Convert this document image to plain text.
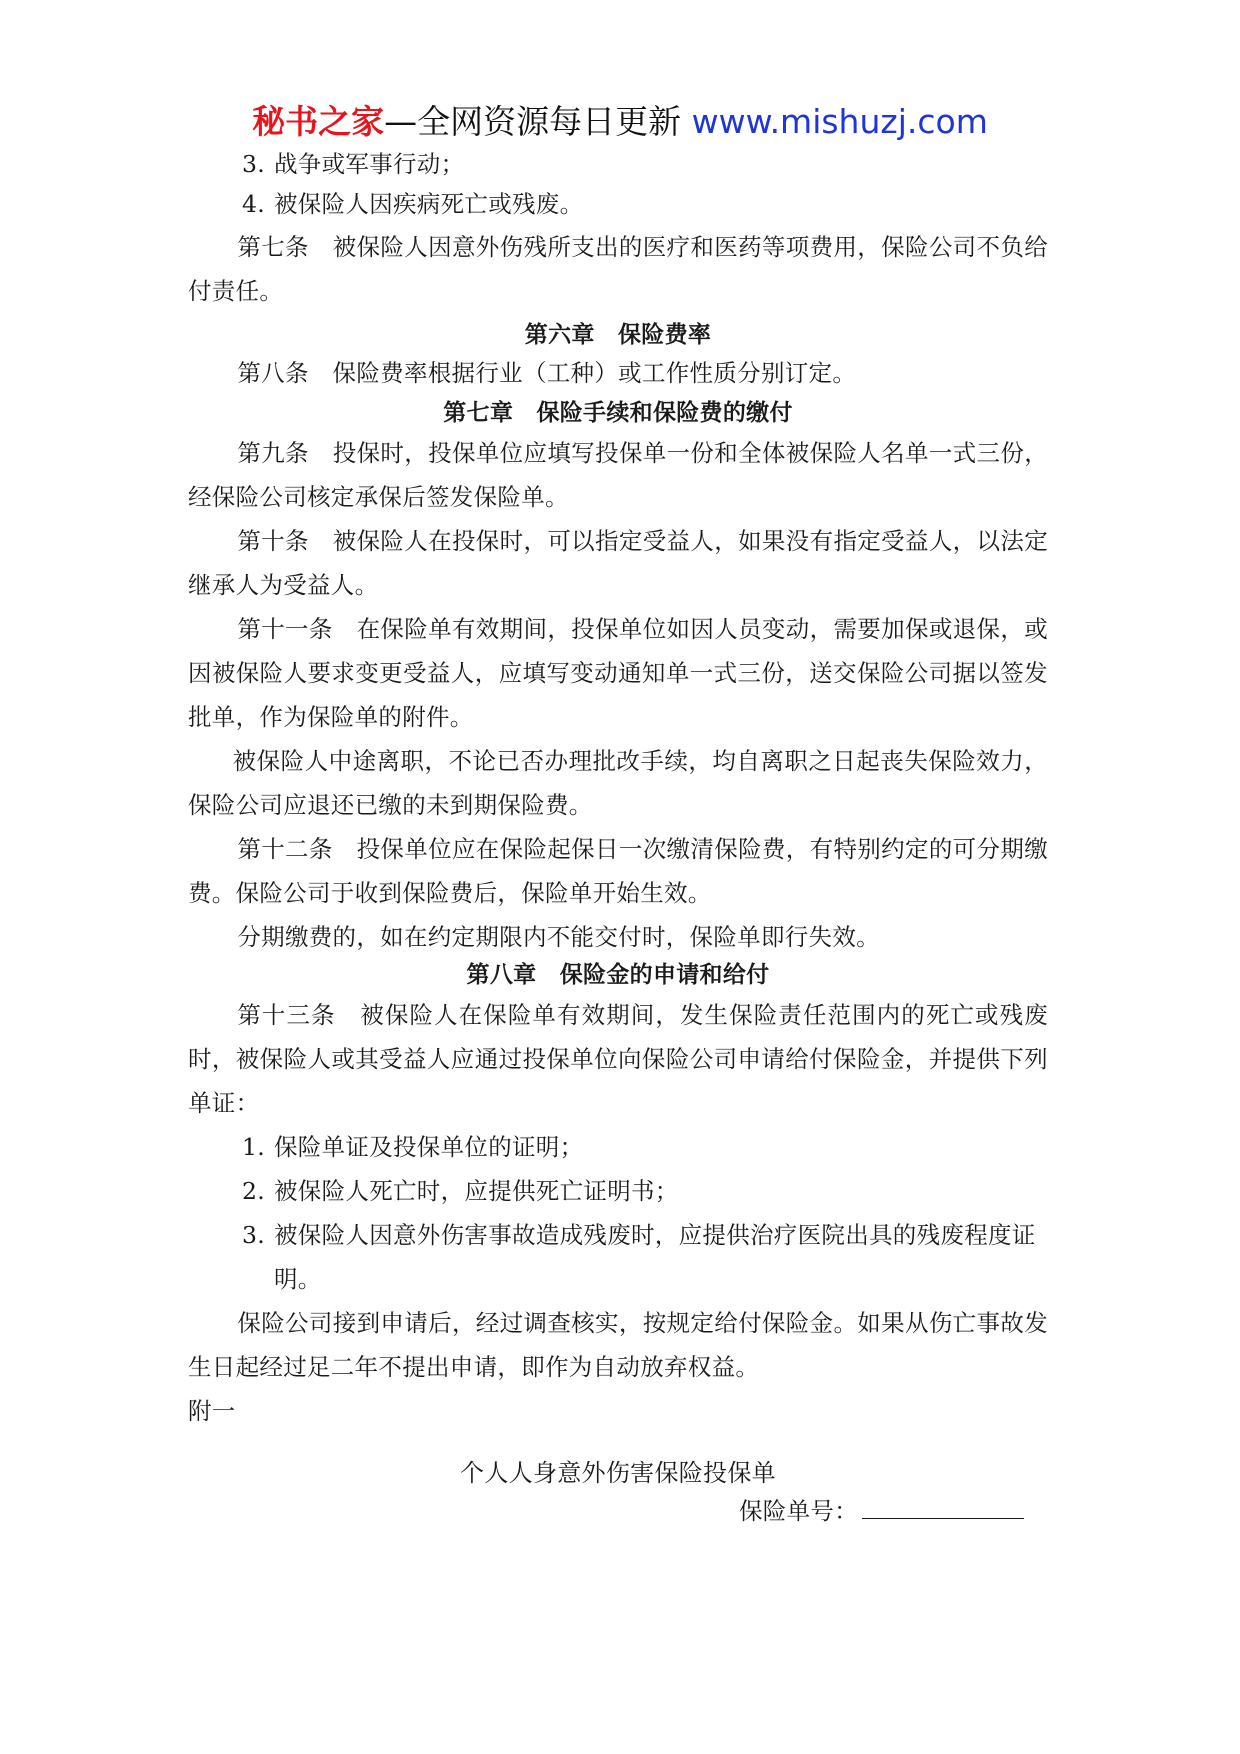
秘书之家—全网资源每日更新 www.mishuzj.com
3. 战争或军事行动；
4. 被保险人因疾病死亡或残废。

第七条　被保险人因意外伤残所支出的医疗和医药等项费用，保险公司不负给付责任。

第六章　保险费率

第八条　保险费率根据行业（工种）或工作性质分别订定。

第七章　保险手续和保险费的缴付

第九条　投保时，投保单位应填写投保单一份和全体被保险人名单一式三份，经保险公司核定承保后签发保险单。

第十条　被保险人在投保时，可以指定受益人，如果没有指定受益人，以法定继承人为受益人。

第十一条　在保险单有效期间，投保单位如因人员变动，需要加保或退保，或因被保险人要求变更受益人，应填写变动通知单一式三份，送交保险公司据以签发批单，作为保险单的附件。

被保险人中途离职，不论已否办理批改手续，均自离职之日起丧失保险效力，保险公司应退还已缴的未到期保险费。

第十二条　投保单位应在保险起保日一次缴清保险费，有特别约定的可分期缴费。保险公司于收到保险费后，保险单开始生效。

分期缴费的，如在约定期限内不能交付时，保险单即行失效。

第八章　保险金的申请和给付

第十三条　被保险人在保险单有效期间，发生保险责任范围内的死亡或残废时，被保险人或其受益人应通过投保单位向保险公司申请给付保险金，并提供下列单证：

1. 保险单证及投保单位的证明；
2. 被保险人死亡时，应提供死亡证明书；
3. 被保险人因意外伤害事故造成残废时，应提供治疗医院出具的残废程度证明。

保险公司接到申请后，经过调查核实，按规定给付保险金。如果从伤亡事故发生日起经过足二年不提出申请，即作为自动放弃权益。

附一

个人人身意外伤害保险投保单

保险单号：
